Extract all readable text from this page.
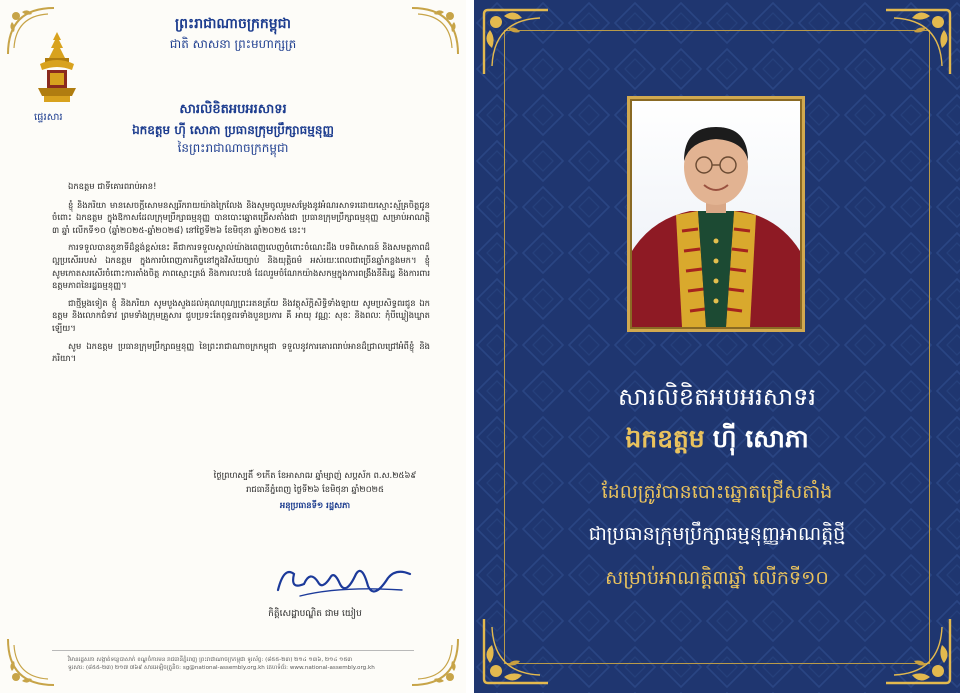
ព្រះរាជាណាចក្រកម្ពុជា
ជាតិ សាសនា ព្រះមហាក្សត្រ
ផ្ទេរសារ
សារលិខិតអបអរសាទរ
ឯកឧត្តម ហ៊ី សោភា ប្រធានក្រុមប្រឹក្សាធម្មនុញ្ញ
នៃព្រះរាជាណាចក្រកម្ពុជា

ឯកឧត្តម ជាទីគោរពរាប់អាន!

ខ្ញុំ និងភរិយា មានសេចក្តីសោមនស្សរីករាយយ៉ាងក្រៃលែង និងសូមចូលរួមសម្ដែងនូវអំណរសាទរដោយស្មោះស្ម័គ្រចិត្តជូនចំពោះ ឯកឧត្តម ក្នុងឱកាសដែលក្រុមប្រឹក្សាធម្មនុញ្ញ បានបោះឆ្នោតជ្រើសតាំងជា ប្រធានក្រុមប្រឹក្សាធម្មនុញ្ញ សម្រាប់អាណត្តិ ៣ ឆ្នាំ លើកទី១០ (ឆ្នាំ២០២៥-ឆ្នាំ២០២៨) នៅថ្ងៃទី២៦ ខែមិថុនា ឆ្នាំ២០២៥ នេះ។

ការទទួលបានតួនាទីដ៏ខ្ពង់ខ្ពស់នេះ គឺជាការទទួលស្គាល់យ៉ាងពេញលេញចំពោះចំណេះដឹង បទពិសោធន៍ និងសមត្ថភាពដ៏ល្អប្រសើររបស់ ឯកឧត្តម ក្នុងការបំពេញភារកិច្ចនៅក្នុងវិស័យច្បាប់ និងយុត្តិធម៌ អស់រយៈពេលជាច្រើនឆ្នាំកន្លងមក។ ខ្ញុំសូមកោតសរសើរចំពោះការតាំងចិត្ត ភាពស្មោះត្រង់ និងការលះបង់ ដែលរួមចំណែកយ៉ាងសកម្មក្នុងការពង្រឹងនីតិរដ្ឋ និងការពារឧត្តមភាពនៃរដ្ឋធម្មនុញ្ញ។

ជាថ្មីម្ដងទៀត ខ្ញុំ និងភរិយា សូមបួងសួងដល់គុណបុណ្យព្រះរតនត្រ័យ និងវត្ថុស័ក្ដិសិទ្ធិទាំងឡាយ សូមប្រសិទ្ធពរជូន ឯកឧត្តម និងលោកជំទាវ ព្រមទាំងក្រុមគ្រួសារ ជួបប្រទះតែពុទ្ធពរទាំងបួនប្រការ គឺ អាយុ វណ្ណៈ សុខៈ និងពលៈ កុំបីឃ្លៀងឃ្លាតឡើយ។

សូម ឯកឧត្តម ប្រធានក្រុមប្រឹក្សាធម្មនុញ្ញ នៃព្រះរាជាណាចក្រកម្ពុជា ទទួលនូវការគោរពរាប់អានដ៏ជ្រាលជ្រៅអំពីខ្ញុំ និងភរិយា។

ថ្ងៃព្រហស្បតិ៍ ១កើត ខែអាសាឍ ឆ្នាំម្សាញ់ សប្តស័ក ព.ស.២៥៦៩
រាជធានីភ្នំពេញ ថ្ងៃទី២៦ ខែមិថុនា ឆ្នាំ២០២៥
អនុប្រធានទី១ រដ្ឋសភា
កិត្តិសេដ្ឋាបណ្ឌិត ជាម យៀប
វិមានរដ្ឋសភា សង្កាត់ទន្លេបាសាក់ ខណ្ឌចំការមន រាជធានីភ្នំពេញ ព្រះរាជាណាចក្រកម្ពុជា ទូរស័ព្ទ: (៨៥៥-២៣) ២១៤ ១៣៦, ២១៤ ១៥៣
ទូរសារ: (៨៥៥-២៣) ២១៧ ៧៦៩ សារអេឡិចត្រូនិច: sg@national-assembly.org.kh គេហទំព័រ: www.national-assembly.org.kh
សារលិខិតអបអរសាទរ
ឯកឧត្តម ហ៊ី សោភា
ដែលត្រូវបានបោះឆ្នោតជ្រើសតាំង
ជាប្រធានក្រុមប្រឹក្សាធម្មនុញ្ញអាណត្តិថ្មី
សម្រាប់អាណត្តិ៣ឆ្នាំ លើកទី១០
